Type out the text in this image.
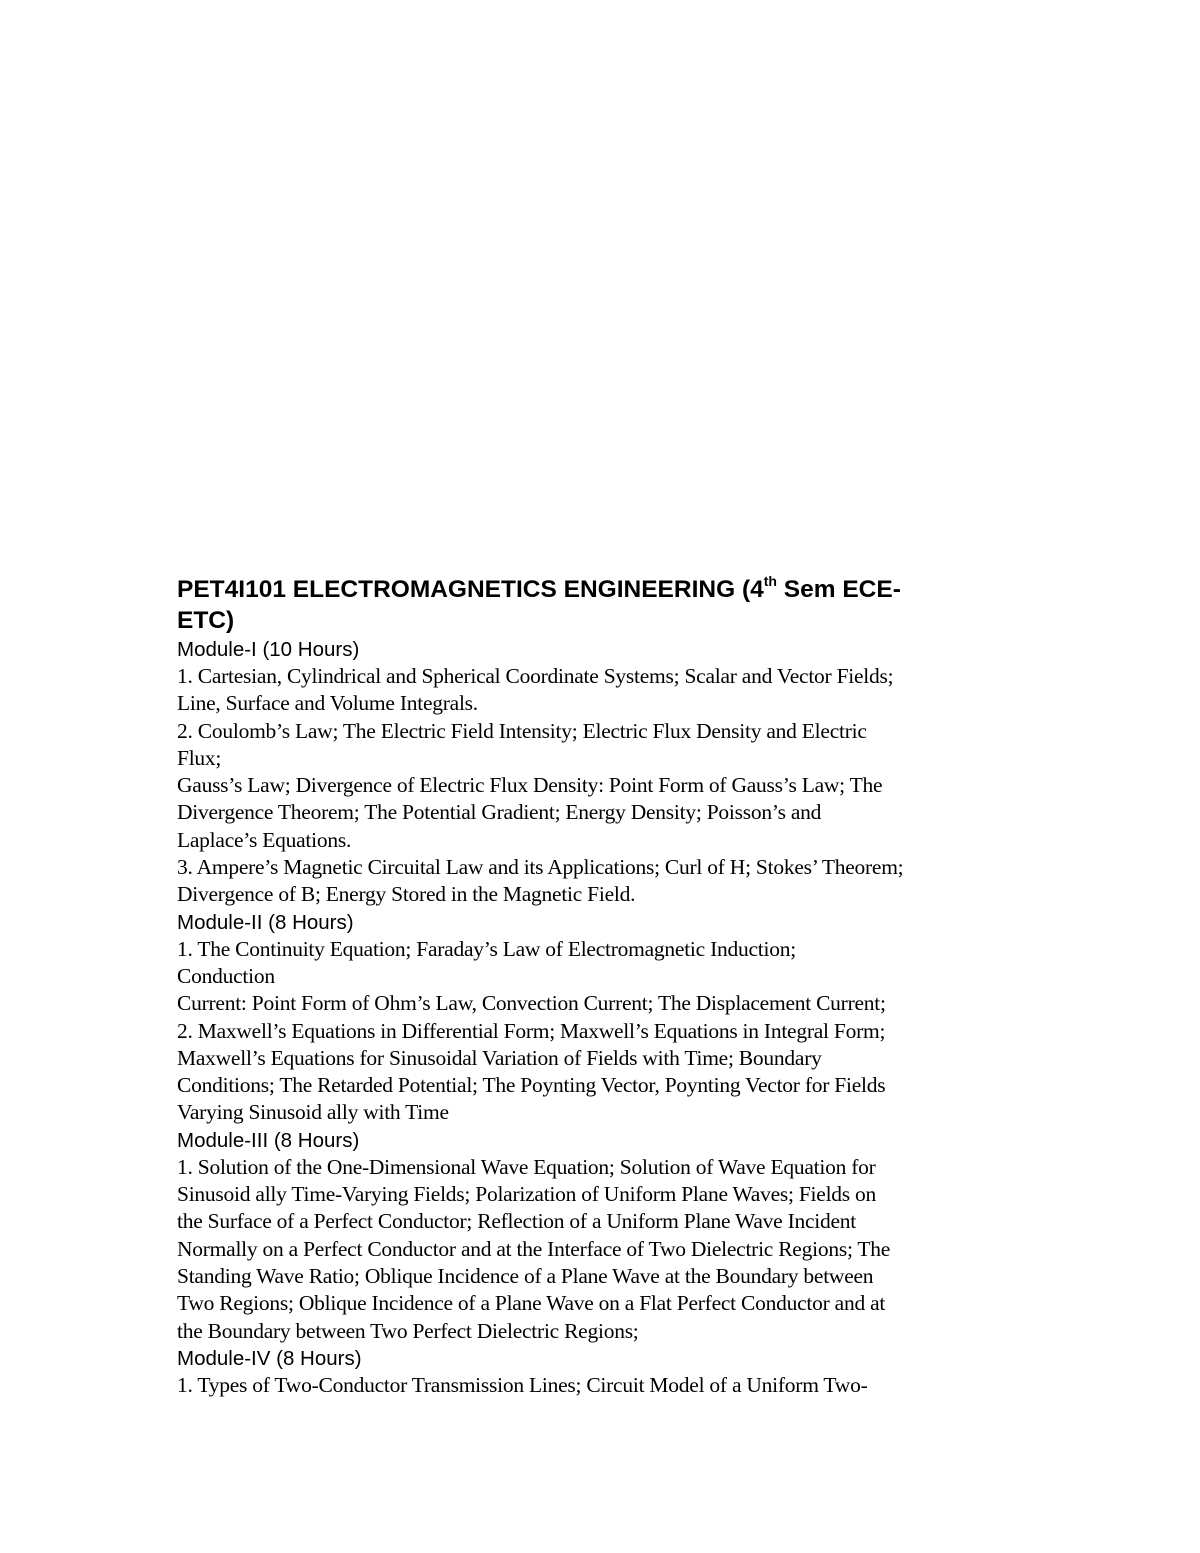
PET4I101 ELECTROMAGNETICS ENGINEERING (4th Sem ECE-
ETC)
Module-I (10 Hours)
1. Cartesian, Cylindrical and Spherical Coordinate Systems; Scalar and Vector Fields;
Line, Surface and Volume Integrals.
2. Coulomb’s Law; The Electric Field Intensity; Electric Flux Density and Electric
Flux;
Gauss’s Law; Divergence of Electric Flux Density: Point Form of Gauss’s Law; The
Divergence Theorem; The Potential Gradient; Energy Density; Poisson’s and
Laplace’s Equations.
3. Ampere’s Magnetic Circuital Law and its Applications; Curl of H; Stokes’ Theorem;
Divergence of B; Energy Stored in the Magnetic Field.
Module-II (8 Hours)
1. The Continuity Equation; Faraday’s Law of Electromagnetic Induction;
Conduction
Current: Point Form of Ohm’s Law, Convection Current; The Displacement Current;
2. Maxwell’s Equations in Differential Form; Maxwell’s Equations in Integral Form;
Maxwell’s Equations for Sinusoidal Variation of Fields with Time; Boundary
Conditions; The Retarded Potential; The Poynting Vector, Poynting Vector for Fields
Varying Sinusoid ally with Time
Module-III (8 Hours)
1. Solution of the One-Dimensional Wave Equation; Solution of Wave Equation for
Sinusoid ally Time-Varying Fields; Polarization of Uniform Plane Waves; Fields on
the Surface of a Perfect Conductor; Reflection of a Uniform Plane Wave Incident
Normally on a Perfect Conductor and at the Interface of Two Dielectric Regions; The
Standing Wave Ratio; Oblique Incidence of a Plane Wave at the Boundary between
Two Regions; Oblique Incidence of a Plane Wave on a Flat Perfect Conductor and at
the Boundary between Two Perfect Dielectric Regions;
Module-IV (8 Hours)
1. Types of Two-Conductor Transmission Lines; Circuit Model of a Uniform Two-
